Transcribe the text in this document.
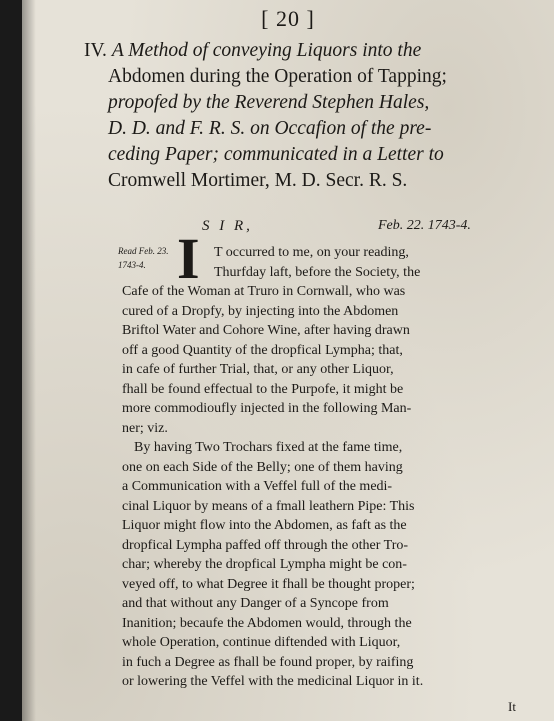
[ 20 ]
IV. A Method of conveying Liquors into the
Abdomen during the Operation of Tapping;
propofed by the Reverend Stephen Hales,
D. D. and F. R. S. on Occafion of the pre-
ceding Paper; communicated in a Letter to
Cromwell Mortimer, M. D. Secr. R. S.
S I R,	Feb. 22. 1743-4.
Read Feb. 23.
1743-4. I	T occurred to me, on your reading,
Thurfday laft, before the Society, the
Cafe of the Woman at Truro in Cornwall, who was
cured of a Dropfy, by injecting into the Abdomen
Briftol Water and Cohore Wine, after having drawn
off a good Quantity of the dropfical Lympha; that,
in cafe of further Trial, that, or any other Liquor,
fhall be found effectual to the Purpofe, it might be
more commodioufly injected in the following Man-
ner; viz.
By having Two Trochars fixed at the fame time,
one on each Side of the Belly; one of them having
a Communication with a Veffel full of the medi-
cinal Liquor by means of a fmall leathern Pipe: This
Liquor might flow into the Abdomen, as faft as the
dropfical Lympha paffed off through the other Tro-
char; whereby the dropfical Lympha might be con-
veyed off, to what Degree it fhall be thought proper;
and that without any Danger of a Syncope from
Inanition; becaufe the Abdomen would, through the
whole Operation, continue diftended with Liquor,
in fuch a Degree as fhall be found proper, by raifing
or lowering the Veffel with the medicinal Liquor in it.
It
